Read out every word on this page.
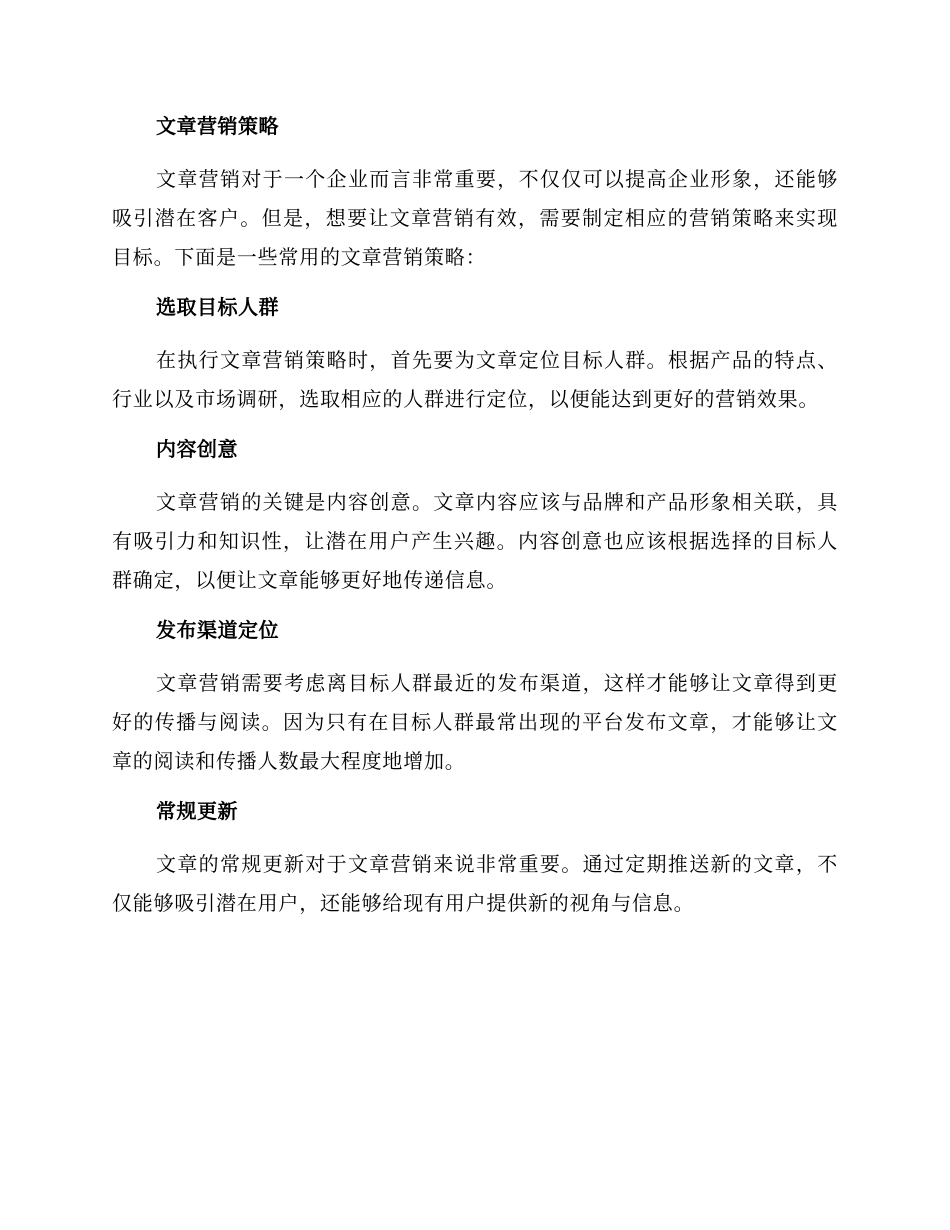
文章营销策略

文章营销对于一个企业而言非常重要，不仅仅可以提高企业形象，还能够吸引潜在客户。但是，想要让文章营销有效，需要制定相应的营销策略来实现目标。下面是一些常用的文章营销策略：

选取目标人群

在执行文章营销策略时，首先要为文章定位目标人群。根据产品的特点、行业以及市场调研，选取相应的人群进行定位，以便能达到更好的营销效果。

内容创意

文章营销的关键是内容创意。文章内容应该与品牌和产品形象相关联，具有吸引力和知识性，让潜在用户产生兴趣。内容创意也应该根据选择的目标人群确定，以便让文章能够更好地传递信息。

发布渠道定位

文章营销需要考虑离目标人群最近的发布渠道，这样才能够让文章得到更好的传播与阅读。因为只有在目标人群最常出现的平台发布文章，才能够让文章的阅读和传播人数最大程度地增加。

常规更新

文章的常规更新对于文章营销来说非常重要。通过定期推送新的文章，不仅能够吸引潜在用户，还能够给现有用户提供新的视角与信息。
